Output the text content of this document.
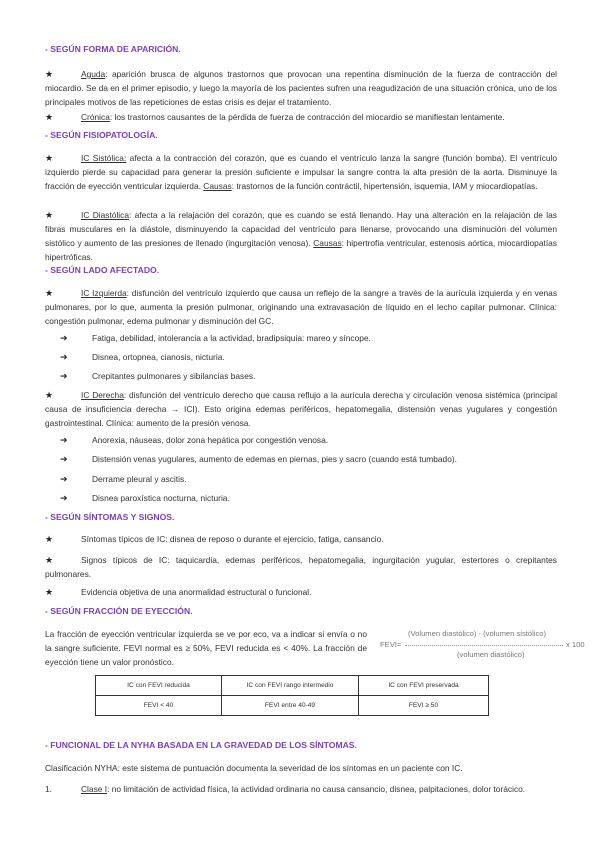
- SEGÚN FORMA DE APARICIÓN.
★	Aguda: aparición brusca de algunos trastornos que provocan una repentina disminución de la fuerza de contracción del miocardio. Se da en el primer episodio, y luego la mayoría de los pacientes sufren una reagudización de una situación crónica, uno de los principales motivos de las repeticiones de estas crisis es dejar el tratamiento.
★	Crónica: los trastornos causantes de la pérdida de fuerza de contracción del miocardio se manifiestan lentamente.
- SEGÚN FISIOPATOLOGÍA.
★	IC Sistólica: afecta a la contracción del corazón, que es cuando el ventrículo lanza la sangre (función bomba). El ventrículo izquierdo pierde su capacidad para generar la presión suficiente e impulsar la sangre contra la alta presión de la aorta. Disminuye la fracción de eyección ventricular izquierda. Causas: trastornos de la función contráctil, hipertensión, isquemia, IAM y miocardiopatías.
★	IC Diastólica: afecta a la relajación del corazón, que es cuando se está llenando. Hay una alteración en la relajación de las fibras musculares en la diástole, disminuyendo la capacidad del ventrículo para llenarse, provocando una disminución del volumen sistólico y aumento de las presiones de llenado (ingurgitación venosa). Causas: hipertrofia ventricular, estenosis aórtica, miocardiopatías hipertróficas.
- SEGÚN LADO AFECTADO.
★	IC Izquierda: disfunción del ventrículo izquierdo que causa un reflejo de la sangre a través de la aurícula izquierda y en venas pulmonares, por lo que, aumenta la presión pulmonar, originando una extravasación de líquido en el lecho capilar pulmonar. Clínica: congestión pulmonar, edema pulmonar y disminución del GC.
➔	Fatiga, debilidad, intolerancia a la actividad, bradipsiquia: mareo y síncope.
➔	Disnea, ortopnea, cianosis, nicturia.
➔	Crepitantes pulmonares y sibilancias bases.
★	IC Derecha: disfunción del ventrículo derecho que causa reflujo a la aurícula derecha y circulación venosa sistémica (principal causa de insuficiencia derecha → ICI). Esto origina edemas periféricos, hepatomegalia, distensión venas yugulares y congestión gastrointestinal. Clínica: aumento de la presión venosa.
➔	Anorexia, náuseas, dolor zona hepática por congestión venosa.
➔	Distensión venas yugulares, aumento de edemas en piernas, pies y sacro (cuando está tumbado).
➔	Derrame pleural y ascitis.
➔	Disnea paroxística nocturna, nicturia.
- SEGÚN SÍNTOMAS Y SIGNOS.
★	Síntomas típicos de IC: disnea de reposo o durante el ejercicio, fatiga, cansancio.
★	Signos típicos de IC: taquicardia, edemas periféricos, hepatomegalia, ingurgitación yugular, estertores o crepitantes pulmonares.
★	Evidencia objetiva de una anormalidad estructural o funcional.
- SEGÚN FRACCIÓN DE EYECCIÓN.
La fracción de eyección ventricular izquierda se ve por eco, va a indicar si envía o no la sangre suficiente. FEVI normal es ≥ 50%, FEVI reducida es < 40%. La fracción de eyección tiene un valor pronóstico.
(Volumen diastólico) - (volumen sistólico)
FEVI=	x 100
(volumen diastólico)
IC con FEVI reducida	IC con FEVI rango intermedio	IC con FEVI preservada
FEVI < 40	FEVI entre 40-49	FEVI ≥ 50
- FUNCIONAL DE LA NYHA BASADA EN LA GRAVEDAD DE LOS SÍNTOMAS.
Clasificación NYHA: este sistema de puntuación documenta la severidad de los síntomas en un paciente con IC.
1.	Clase I: no limitación de actividad física, la actividad ordinaria no causa cansancio, disnea, palpitaciones, dolor torácico.
